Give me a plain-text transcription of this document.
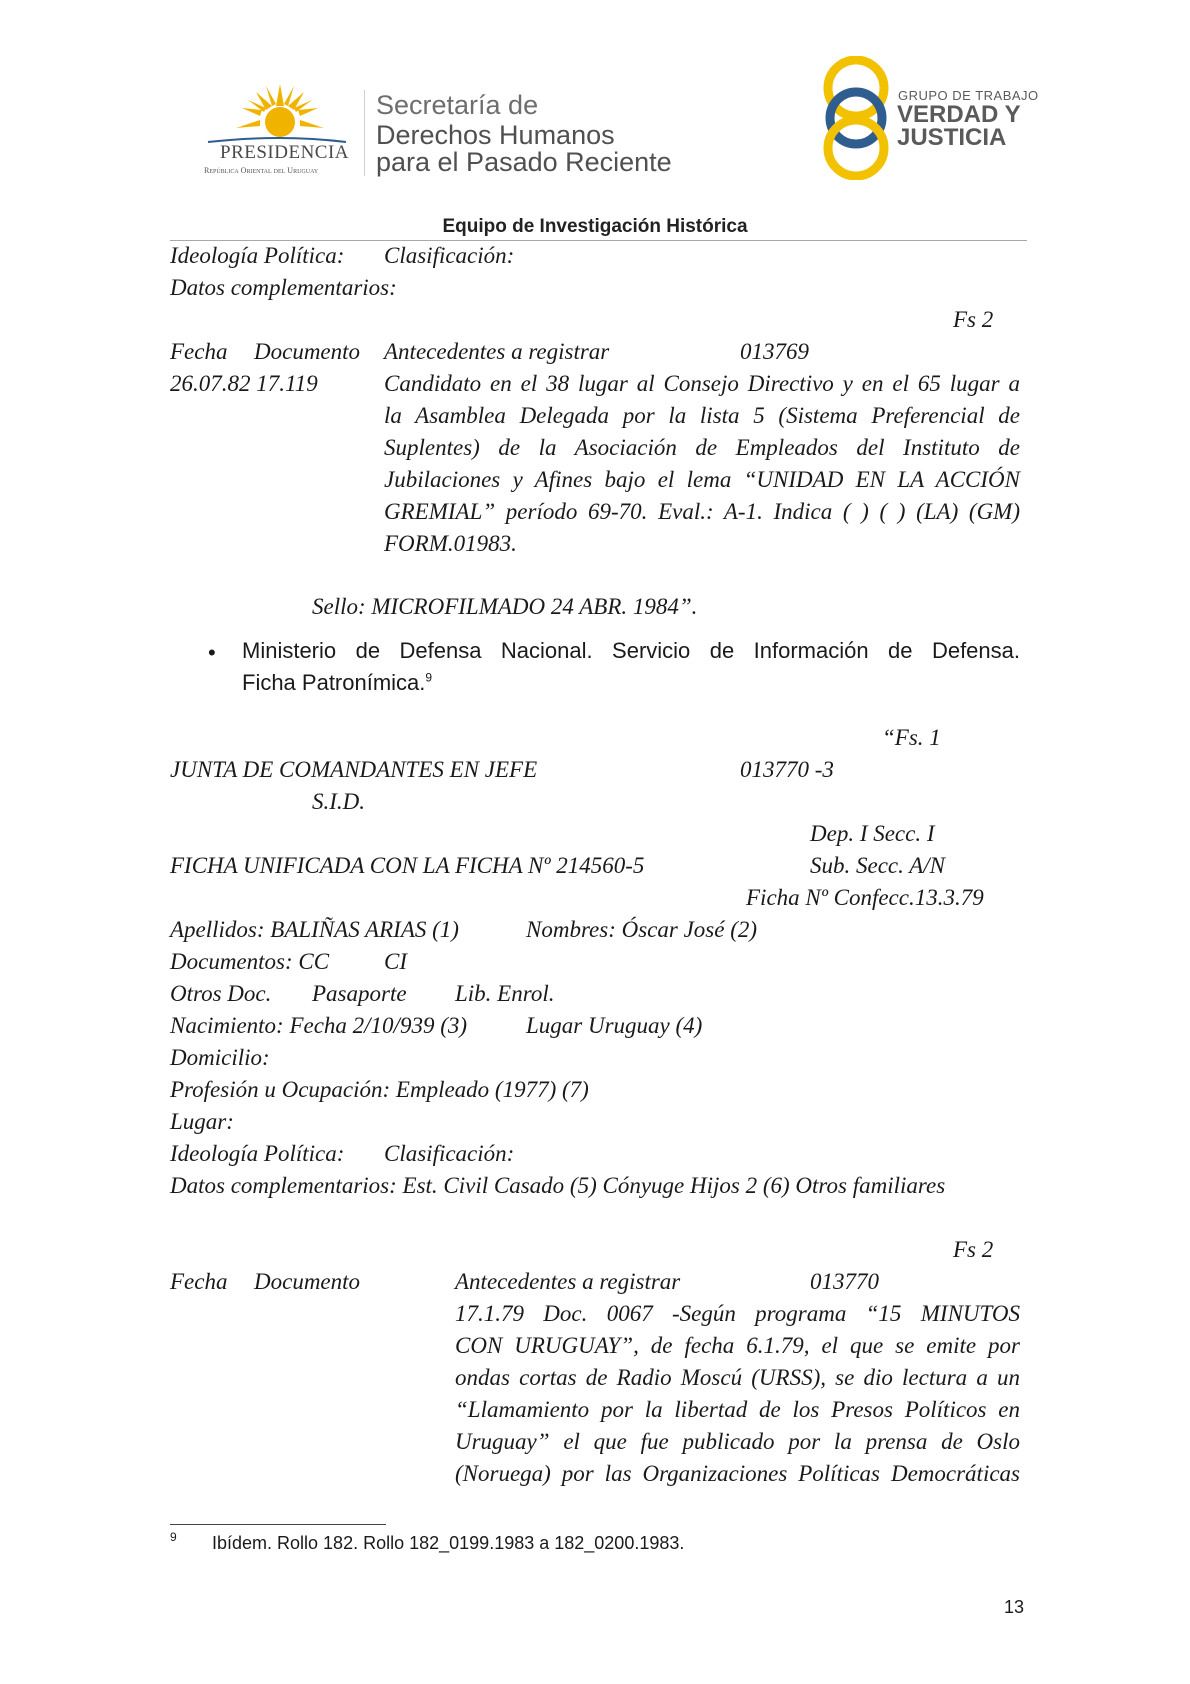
PRESIDENCIA
República Oriental del Uruguay
Secretaría de
Derechos Humanos
para el Pasado Reciente
GRUPO DE TRABAJO
VERDAD Y
JUSTICIA
Equipo de Investigación Histórica
Ideología Política: Clasificación:
Datos complementarios:
Fs 2
Fecha Documento Antecedentes a registrar	013769
26.07.82 17.119	Candidato en el 38 lugar al Consejo Directivo y en el 65 lugar a
la Asamblea Delegada por la lista 5 (Sistema Preferencial de
Suplentes) de la Asociación de Empleados del Instituto de
Jubilaciones y Afines bajo el lema “UNIDAD EN LA ACCIÓN
GREMIAL” período 69-70. Eval.: A-1. Indica ( ) ( ) (LA) (GM)
FORM.01983.
Sello: MICROFILMADO 24 ABR. 1984”.
• Ministerio de Defensa Nacional. Servicio de Información de Defensa.
Ficha Patronímica.$^9$
“Fs. 1
JUNTA DE COMANDANTES EN JEFE	013770 -3
S.I.D.
Dep. I Secc. I
FICHA UNIFICADA CON LA FICHA Nº 214560-5	Sub. Secc. A/N
Ficha Nº Confecc.13.3.79
Apellidos: BALIÑAS ARIAS (1)	Nombres: Óscar José (2)
Documentos: CC CI
Otros Doc. Pasaporte Lib. Enrol.
Nacimiento: Fecha 2/10/939 (3)	Lugar Uruguay (4)
Domicilio:
Profesión u Ocupación: Empleado (1977) (7)
Lugar:
Ideología Política: Clasificación:
Datos complementarios: Est. Civil Casado (5) Cónyuge Hijos 2 (6) Otros familiares
Fs 2
Fecha Documento	Antecedentes a registrar	013770
17.1.79 Doc. 0067 -Según programa “15 MINUTOS
CON URUGUAY”, de fecha 6.1.79, el que se emite por
ondas cortas de Radio Moscú (URSS), se dio lectura a un
“Llamamiento por la libertad de los Presos Políticos en
Uruguay” el que fue publicado por la prensa de Oslo
(Noruega) por las Organizaciones Políticas Democráticas
9 Ibídem. Rollo 182. Rollo 182_0199.1983 a 182_0200.1983.
13
